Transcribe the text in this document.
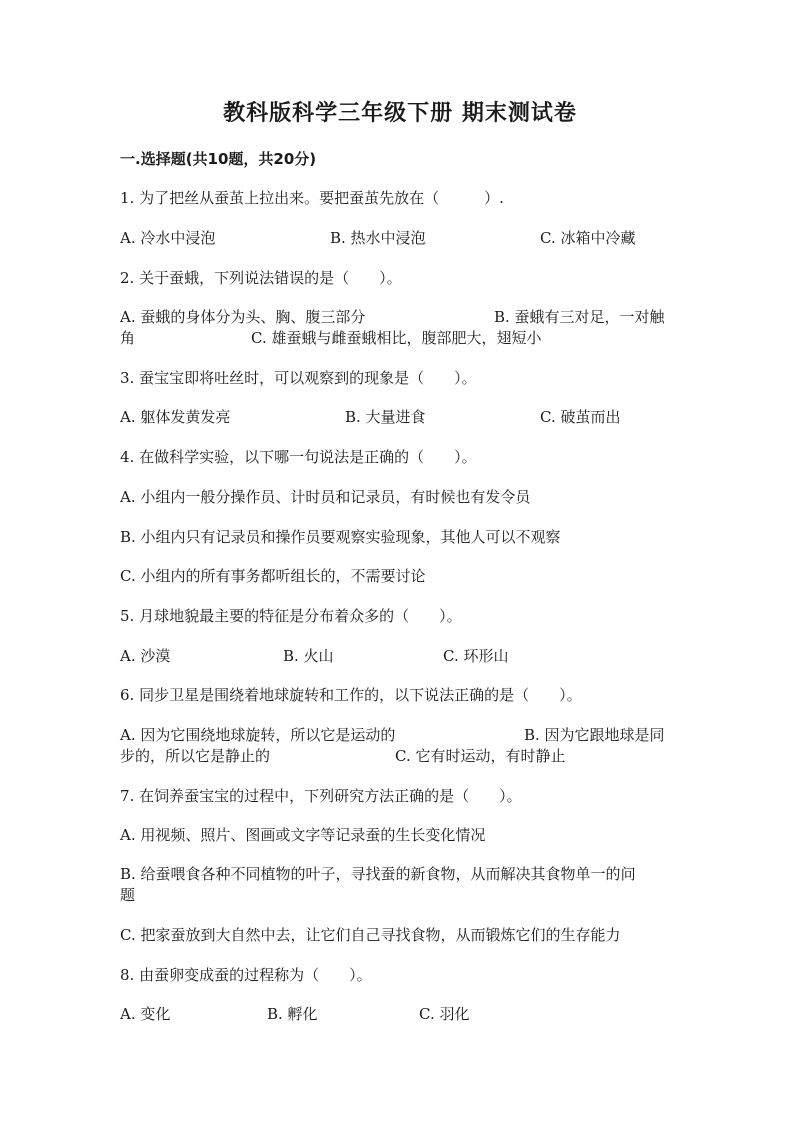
教科版科学三年级下册 期末测试卷
一.选择题(共10题，共20分)
1. 为了把丝从蚕茧上拉出来。要把蚕茧先放在（　　　）.
A. 冷水中浸泡	B. 热水中浸泡	C. 冰箱中冷藏
2. 关于蚕蛾，下列说法错误的是（　　）。
A. 蚕蛾的身体分为头、胸、腹三部分	B. 蚕蛾有三对足，一对触
角	C. 雄蚕蛾与雌蚕蛾相比，腹部肥大，翅短小
3. 蚕宝宝即将吐丝时，可以观察到的现象是（　　）。
A. 躯体发黄发亮	B. 大量进食	C. 破茧而出
4. 在做科学实验，以下哪一句说法是正确的（　　）。
A. 小组内一般分操作员、计时员和记录员，有时候也有发令员
B. 小组内只有记录员和操作员要观察实验现象，其他人可以不观察
C. 小组内的所有事务都听组长的，不需要讨论
5. 月球地貌最主要的特征是分布着众多的（　　）。
A. 沙漠	B. 火山	C. 环形山
6. 同步卫星是围绕着地球旋转和工作的，以下说法正确的是（　　）。
A. 因为它围绕地球旋转，所以它是运动的	B. 因为它跟地球是同
步的，所以它是静止的	C. 它有时运动，有时静止
7. 在饲养蚕宝宝的过程中，下列研究方法正确的是（　　）。
A. 用视频、照片、图画或文字等记录蚕的生长变化情况
B. 给蚕喂食各种不同植物的叶子，寻找蚕的新食物，从而解决其食物单一的问
题
C. 把家蚕放到大自然中去，让它们自己寻找食物，从而锻炼它们的生存能力
8. 由蚕卵变成蚕的过程称为（　　）。
A. 变化	B. 孵化	C. 羽化
